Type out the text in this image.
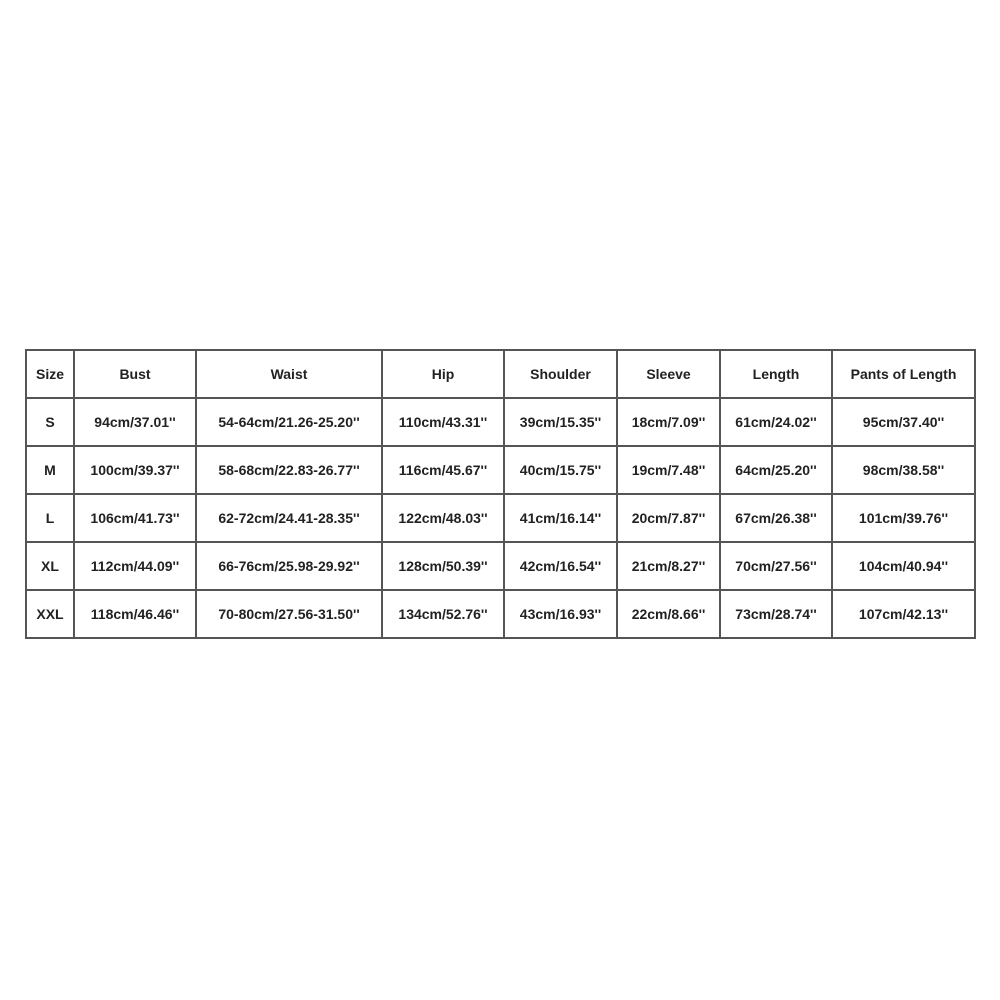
Size	Bust	Waist	Hip	Shoulder	Sleeve	Length	Pants of Length
S	94cm/37.01''	54-64cm/21.26-25.20''	110cm/43.31''	39cm/15.35''	18cm/7.09''	61cm/24.02''	95cm/37.40''
M	100cm/39.37''	58-68cm/22.83-26.77''	116cm/45.67''	40cm/15.75''	19cm/7.48''	64cm/25.20''	98cm/38.58''
L	106cm/41.73''	62-72cm/24.41-28.35''	122cm/48.03''	41cm/16.14''	20cm/7.87''	67cm/26.38''	101cm/39.76''
XL	112cm/44.09''	66-76cm/25.98-29.92''	128cm/50.39''	42cm/16.54''	21cm/8.27''	70cm/27.56''	104cm/40.94''
XXL	118cm/46.46''	70-80cm/27.56-31.50''	134cm/52.76''	43cm/16.93''	22cm/8.66''	73cm/28.74''	107cm/42.13''
